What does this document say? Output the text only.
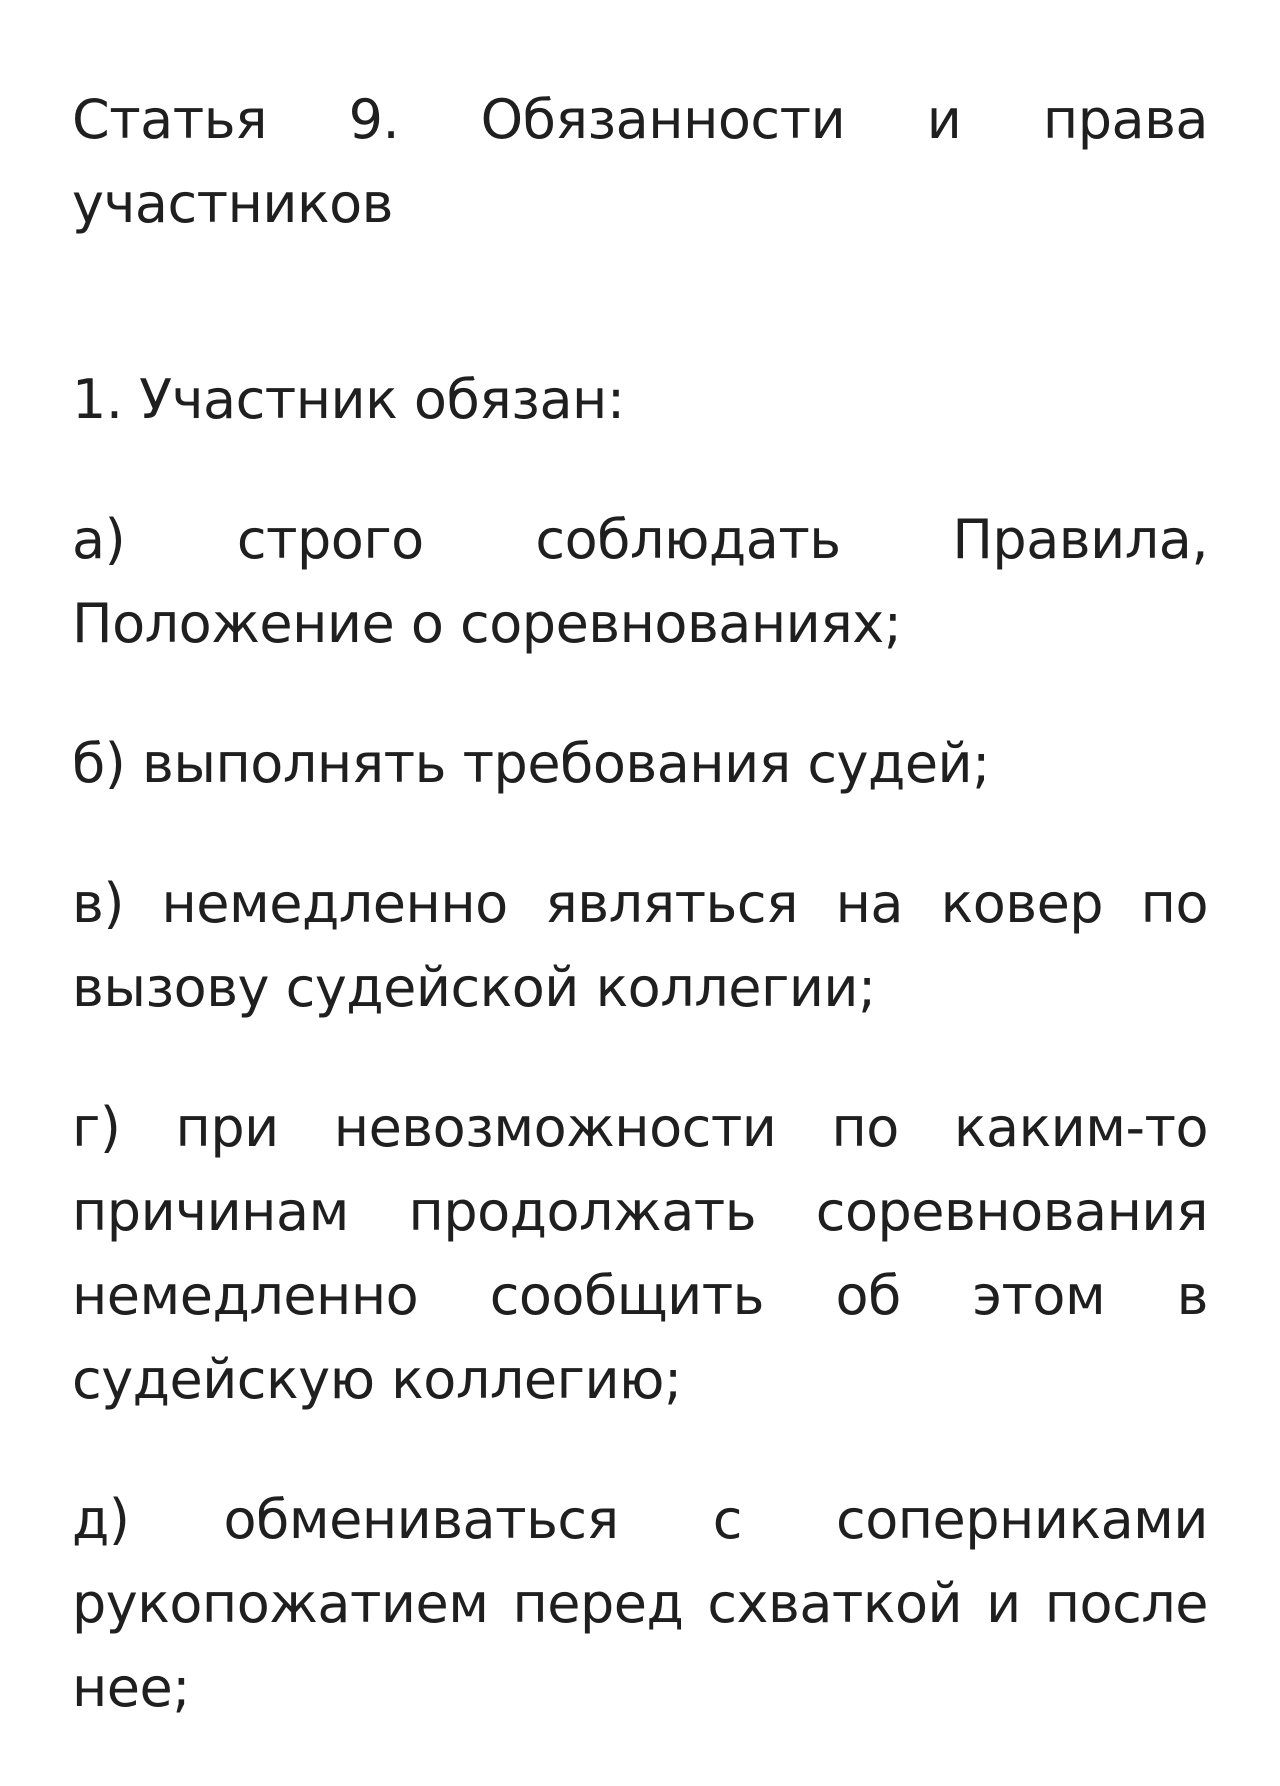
Статья 9. Обязанности и права участников

1. Участник обязан:

а) строго соблюдать Правила, Положение о соревнованиях;

б) выполнять требования судей;

в) немедленно являться на ковер по вызову судейской коллегии;

г) при невозможности по каким-то причинам продолжать соревнования немедленно сообщить об этом в судейскую коллегию;

д) обмениваться с соперниками рукопожатием перед схваткой и после нее;
